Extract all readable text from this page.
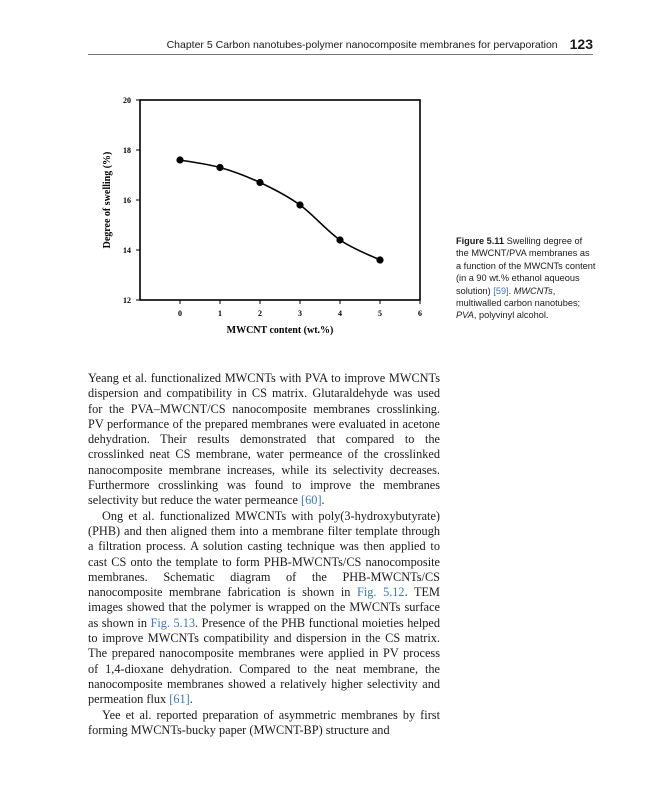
Chapter 5 Carbon nanotubes-polymer nanocomposite membranes for pervaporation 123
12
14
16
18
20
0	1	2	3	4	5	6
MWCNT content (wt.%)
Degree of swelling (%)	Figure 5.11 Swelling degree of the MWCNT/PVA membranes as a function of the MWCNTs content (in a 90 wt.% ethanol aqueous solution) [59]. MWCNTs, multiwalled carbon nanotubes; PVA, polyvinyl alcohol.

Yeang et al. functionalized MWCNTs with PVA to improve MWCNTs dispersion and compatibility in CS matrix. Glutaraldehyde was used for the PVA–MWCNT/CS nanocomposite membranes crosslinking. PV performance of the prepared membranes were evaluated in acetone dehydration. Their results demonstrated that compared to the crosslinked neat CS membrane, water permeance of the crosslinked nanocomposite membrane increases, while its selectivity decreases. Furthermore crosslinking was found to improve the membranes selectivity but reduce the water permeance [60].

Ong et al. functionalized MWCNTs with poly(3-hydroxybutyrate) (PHB) and then aligned them into a membrane filter template through a filtration process. A solution casting technique was then applied to cast CS onto the template to form PHB-MWCNTs/CS nanocomposite membranes. Schematic diagram of the PHB-MWCNTs/CS nanocomposite membrane fabrication is shown in Fig. 5.12. TEM images showed that the polymer is wrapped on the MWCNTs surface as shown in Fig. 5.13. Presence of the PHB functional moieties helped to improve MWCNTs compatibility and dispersion in the CS matrix. The prepared nanocomposite membranes were applied in PV process of 1,4-dioxane dehydration. Compared to the neat membrane, the nanocomposite membranes showed a relatively higher selectivity and permeation flux [61].

Yee et al. reported preparation of asymmetric membranes by first forming MWCNTs-bucky paper (MWCNT-BP) structure and
